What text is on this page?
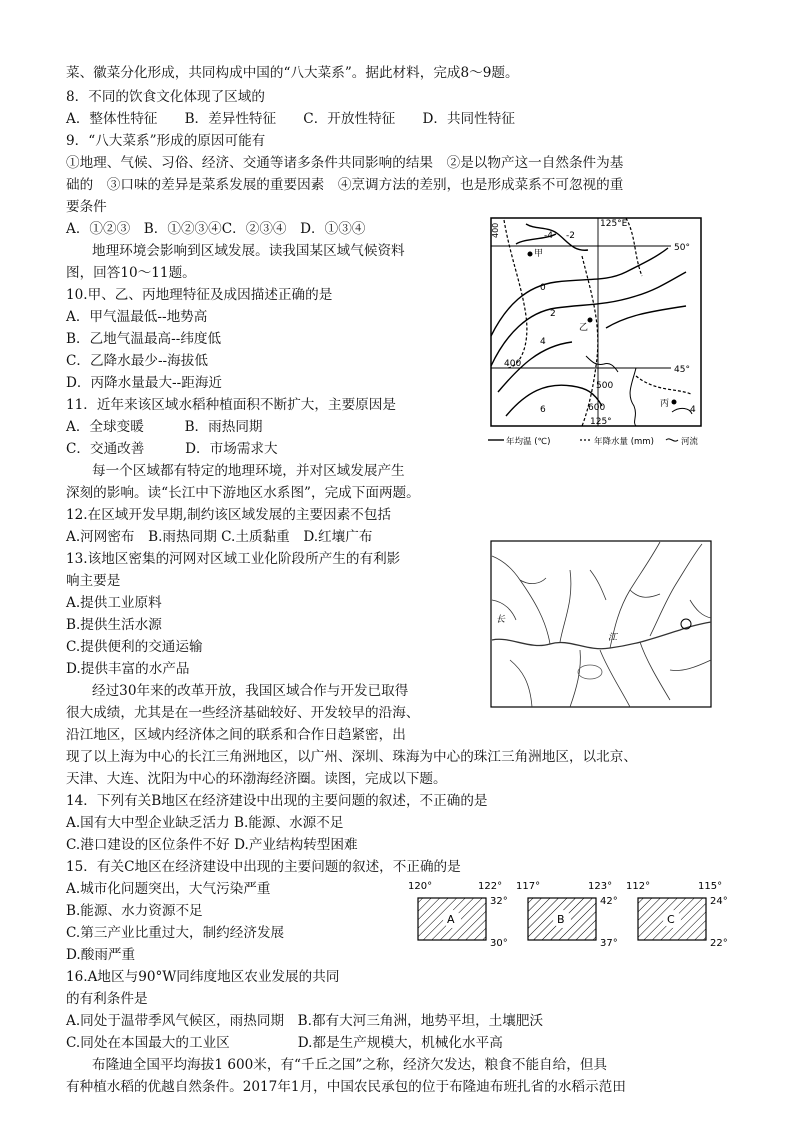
菜、徽菜分化形成，共同构成中国的“八大菜系”。据此材料，完成8～9题。
8．不同的饮食文化体现了区域的
A．整体性特征　　B．差异性特征　　C．开放性特征　　D．共同性特征
9．“八大菜系”形成的原因可能有
①地理、气候、习俗、经济、交通等诸多条件共同影响的结果　②是以物产这一自然条件为基
础的　③口味的差异是菜系发展的重要因素　④烹调方法的差别，也是形成菜系不可忽视的重
要条件
A．①②③　B．①②③④C．②③④　D．①③④
地理环境会影响到区域发展。读我国某区域气候资料
图，回答10～11题。
10.甲、乙、丙地理特征及成因描述正确的是
A．甲气温最低--地势高
B．乙地气温最高--纬度低
C．乙降水最少--海拔低
D．丙降水量最大--距海近
11．近年来该区域水稻种植面积不断扩大，主要原因是
A．全球变暖　　　B．雨热同期
C．交通改善　　　D．市场需求大
每一个区域都有特定的地理环境，并对区域发展产生
深刻的影响。读“长江中下游地区水系图”，完成下面两题。
12.在区域开发早期,制约该区域发展的主要因素不包括
A.河网密布　B.雨热同期 C.土质黏重　D.红壤广布
13.该地区密集的河网对区域工业化阶段所产生的有利影
响主要是
A.提供工业原料
B.提供生活水源
C.提供便利的交通运输
D.提供丰富的水产品
经过30年来的改革开放，我国区域合作与开发已取得
很大成绩，尤其是在一些经济基础较好、开发较早的沿海、
沿江地区，区域内经济体之间的联系和合作日趋紧密，出
现了以上海为中心的长江三角洲地区，以广州、深圳、珠海为中心的珠江三角洲地区，以北京、
天津、大连、沈阳为中心的环渤海经济圈。读图，完成以下题。
14．下列有关B地区在经济建设中出现的主要问题的叙述，不正确的是
A.国有大中型企业缺乏活力 B.能源、水源不足
C.港口建设的区位条件不好 D.产业结构转型困难
15．有关C地区在经济建设中出现的主要问题的叙述，不正确的是
A.城市化问题突出，大气污染严重
B.能源、水力资源不足
C.第三产业比重过大，制约经济发展
D.酸雨严重
16.A地区与90°W同纬度地区农业发展的共同
的有利条件是
A.同处于温带季风气候区，雨热同期　B.都有大河三角洲，地势平坦，土壤肥沃
C.同处在本国最大的工业区　　　　　D.都是生产规模大，机械化水平高
布隆迪全国平均海拔1 600米，有“千丘之国”之称，经济欠发达，粮食不能自给，但具
有种植水稻的优越自然条件。2017年1月，中国农民承包的位于布隆迪布班扎省的水稻示范田
125°E
50°
45°
125°
-4 -2
0
2
4
6	4
400
400
500
600
甲
乙
丙
年均温 (℃)	年降水量 (mm)	河流
长
江
120°	122°
32°
30°
A
117°	123°
42°
37°
B
112°	115°
24°
22°
C
